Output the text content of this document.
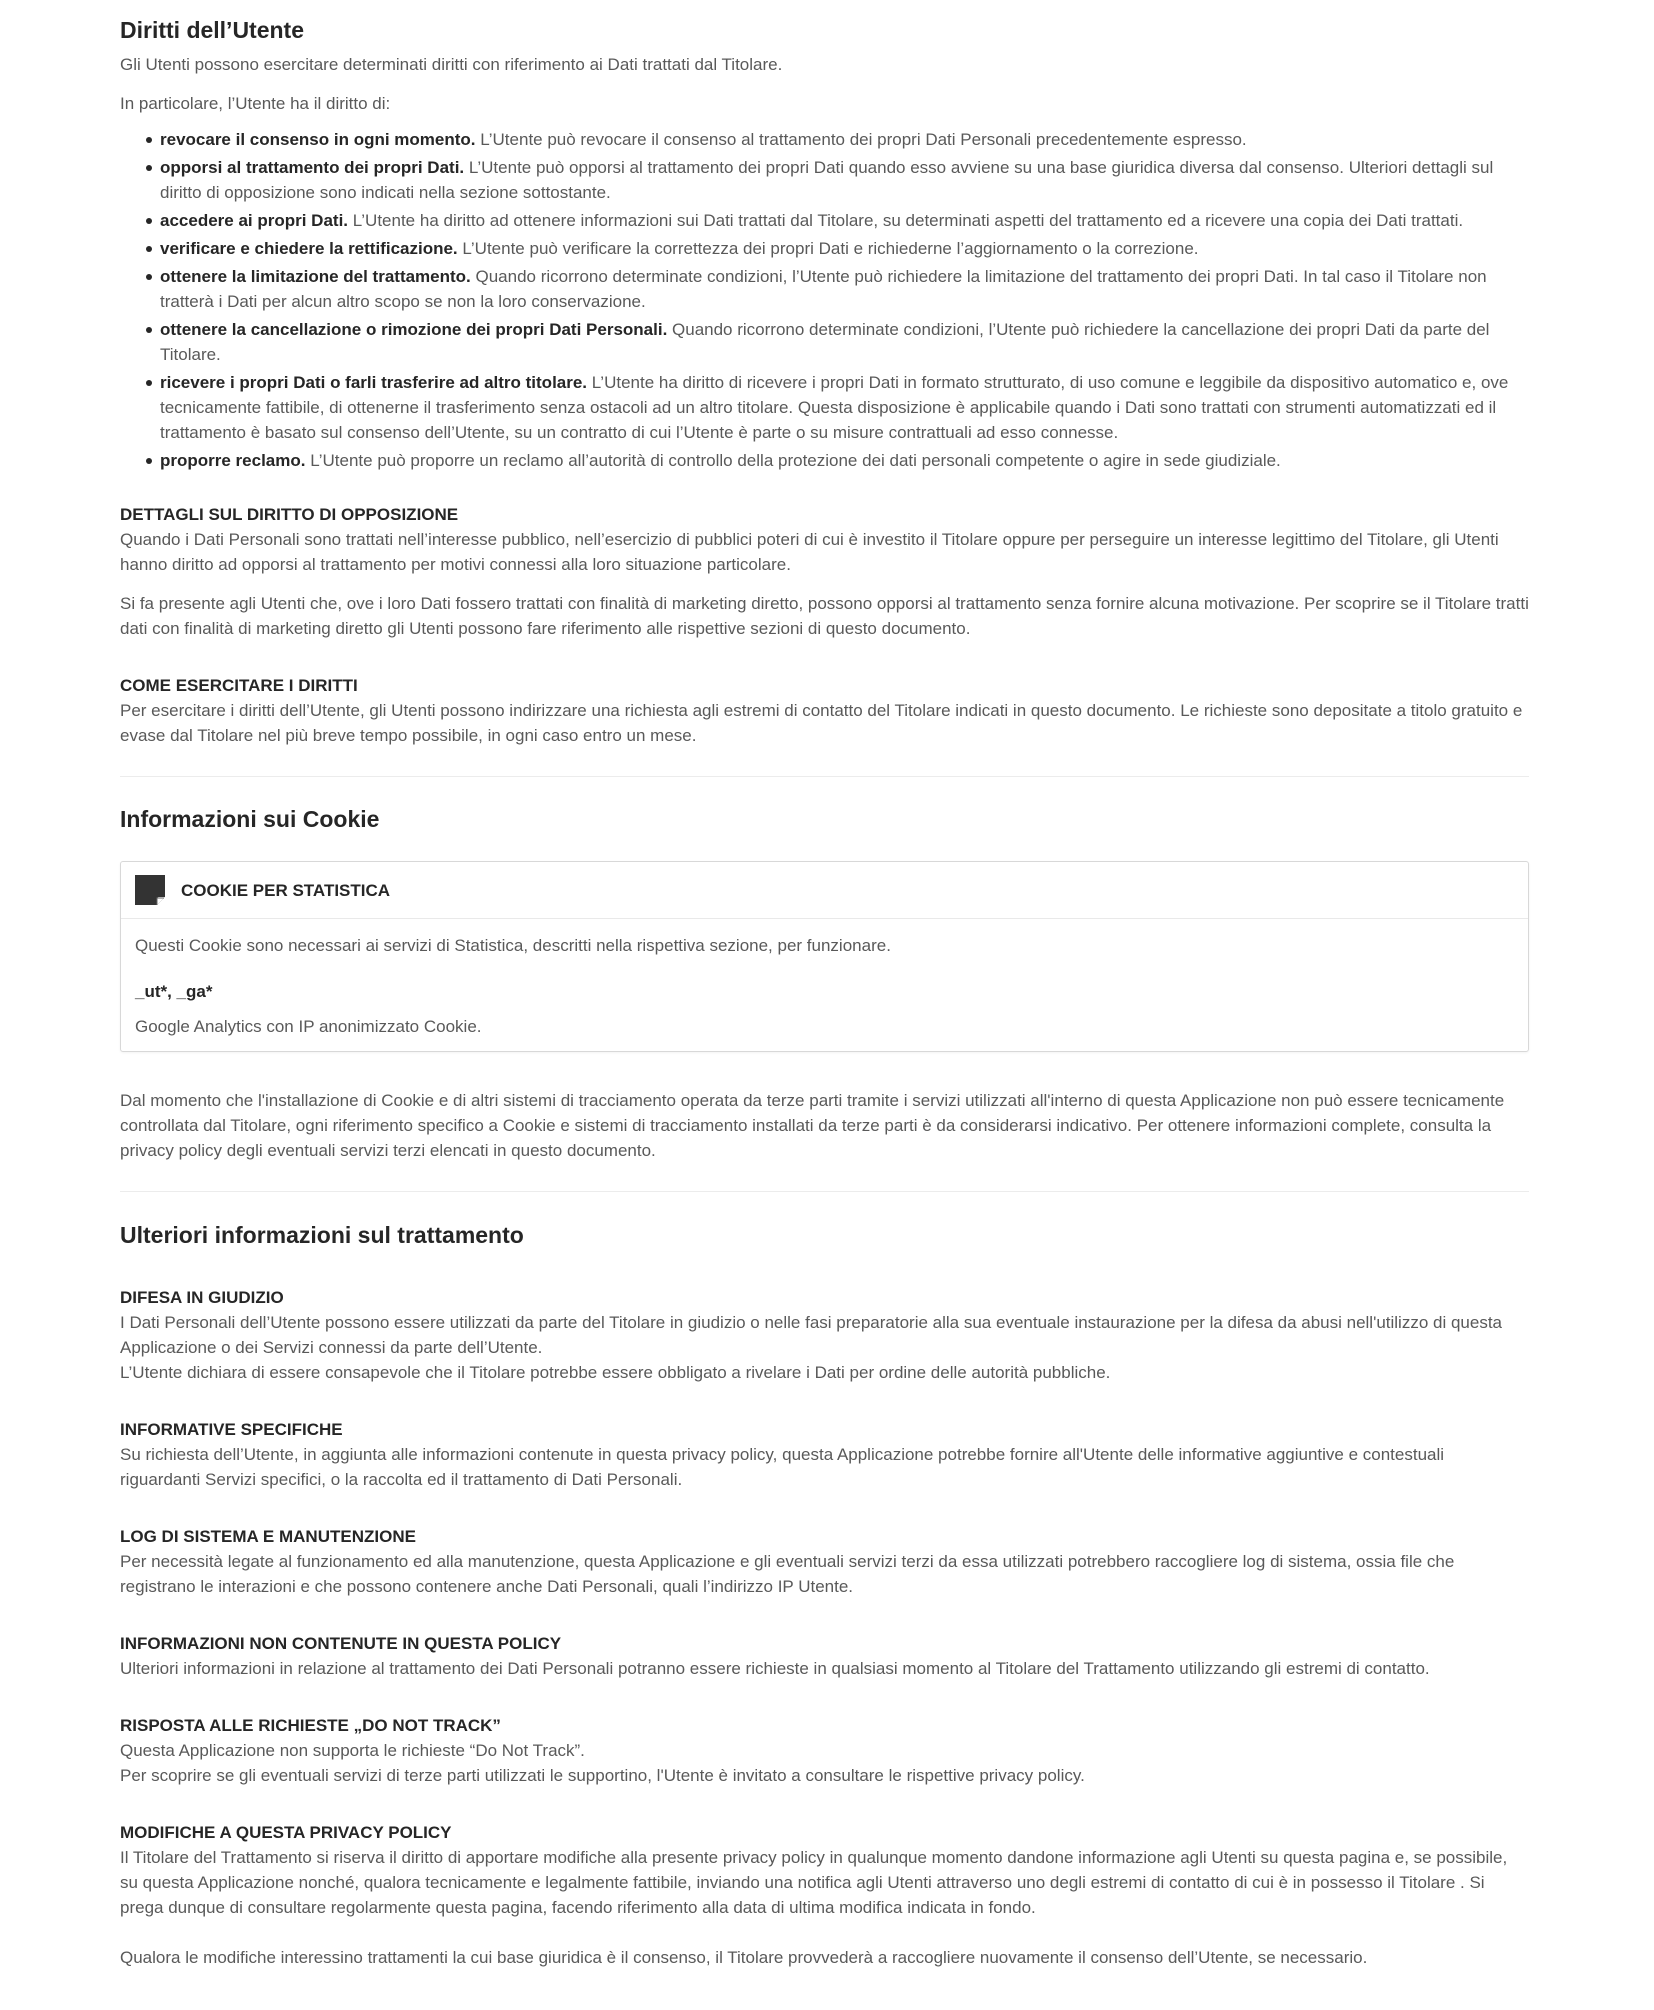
Diritti dell’Utente

Gli Utenti possono esercitare determinati diritti con riferimento ai Dati trattati dal Titolare.

In particolare, l’Utente ha il diritto di:

revocare il consenso in ogni momento. L’Utente può revocare il consenso al trattamento dei propri Dati Personali precedentemente espresso.
opporsi al trattamento dei propri Dati. L’Utente può opporsi al trattamento dei propri Dati quando esso avviene su una base giuridica diversa dal consenso. Ulteriori dettagli sul diritto di opposizione sono indicati nella sezione sottostante.
accedere ai propri Dati. L’Utente ha diritto ad ottenere informazioni sui Dati trattati dal Titolare, su determinati aspetti del trattamento ed a ricevere una copia dei Dati trattati.
verificare e chiedere la rettificazione. L’Utente può verificare la correttezza dei propri Dati e richiederne l’aggiornamento o la correzione.
ottenere la limitazione del trattamento. Quando ricorrono determinate condizioni, l’Utente può richiedere la limitazione del trattamento dei propri Dati. In tal caso il Titolare non tratterà i Dati per alcun altro scopo se non la loro conservazione.
ottenere la cancellazione o rimozione dei propri Dati Personali. Quando ricorrono determinate condizioni, l’Utente può richiedere la cancellazione dei propri Dati da parte del Titolare.
ricevere i propri Dati o farli trasferire ad altro titolare. L’Utente ha diritto di ricevere i propri Dati in formato strutturato, di uso comune e leggibile da dispositivo automatico e, ove tecnicamente fattibile, di ottenerne il trasferimento senza ostacoli ad un altro titolare. Questa disposizione è applicabile quando i Dati sono trattati con strumenti automatizzati ed il trattamento è basato sul consenso dell’Utente, su un contratto di cui l’Utente è parte o su misure contrattuali ad esso connesse.
proporre reclamo. L’Utente può proporre un reclamo all’autorità di controllo della protezione dei dati personali competente o agire in sede giudiziale.
DETTAGLI SUL DIRITTO DI OPPOSIZIONE

Quando i Dati Personali sono trattati nell’interesse pubblico, nell’esercizio di pubblici poteri di cui è investito il Titolare oppure per perseguire un interesse legittimo del Titolare, gli Utenti hanno diritto ad opporsi al trattamento per motivi connessi alla loro situazione particolare.

Si fa presente agli Utenti che, ove i loro Dati fossero trattati con finalità di marketing diretto, possono opporsi al trattamento senza fornire alcuna motivazione. Per scoprire se il Titolare tratti dati con finalità di marketing diretto gli Utenti possono fare riferimento alle rispettive sezioni di questo documento.

COME ESERCITARE I DIRITTI

Per esercitare i diritti dell’Utente, gli Utenti possono indirizzare una richiesta agli estremi di contatto del Titolare indicati in questo documento. Le richieste sono depositate a titolo gratuito e evase dal Titolare nel più breve tempo possibile, in ogni caso entro un mese.

Informazioni sui Cookie
COOKIE PER STATISTICA

Questi Cookie sono necessari ai servizi di Statistica, descritti nella rispettiva sezione, per funzionare.

_ut*, _ga*

Google Analytics con IP anonimizzato Cookie.

Dal momento che l'installazione di Cookie e di altri sistemi di tracciamento operata da terze parti tramite i servizi utilizzati all'interno di questa Applicazione non può essere tecnicamente controllata dal Titolare, ogni riferimento specifico a Cookie e sistemi di tracciamento installati da terze parti è da considerarsi indicativo. Per ottenere informazioni complete, consulta la privacy policy degli eventuali servizi terzi elencati in questo documento.

Ulteriori informazioni sul trattamento
DIFESA IN GIUDIZIO

I Dati Personali dell’Utente possono essere utilizzati da parte del Titolare in giudizio o nelle fasi preparatorie alla sua eventuale instaurazione per la difesa da abusi nell'utilizzo di questa Applicazione o dei Servizi connessi da parte dell’Utente.

L’Utente dichiara di essere consapevole che il Titolare potrebbe essere obbligato a rivelare i Dati per ordine delle autorità pubbliche.

INFORMATIVE SPECIFICHE

Su richiesta dell’Utente, in aggiunta alle informazioni contenute in questa privacy policy, questa Applicazione potrebbe fornire all'Utente delle informative aggiuntive e contestuali riguardanti Servizi specifici, o la raccolta ed il trattamento di Dati Personali.

LOG DI SISTEMA E MANUTENZIONE

Per necessità legate al funzionamento ed alla manutenzione, questa Applicazione e gli eventuali servizi terzi da essa utilizzati potrebbero raccogliere log di sistema, ossia file che registrano le interazioni e che possono contenere anche Dati Personali, quali l’indirizzo IP Utente.

INFORMAZIONI NON CONTENUTE IN QUESTA POLICY

Ulteriori informazioni in relazione al trattamento dei Dati Personali potranno essere richieste in qualsiasi momento al Titolare del Trattamento utilizzando gli estremi di contatto.

RISPOSTA ALLE RICHIESTE „DO NOT TRACK”

Questa Applicazione non supporta le richieste “Do Not Track”.

Per scoprire se gli eventuali servizi di terze parti utilizzati le supportino, l'Utente è invitato a consultare le rispettive privacy policy.

MODIFICHE A QUESTA PRIVACY POLICY

Il Titolare del Trattamento si riserva il diritto di apportare modifiche alla presente privacy policy in qualunque momento dandone informazione agli Utenti su questa pagina e, se possibile, su questa Applicazione nonché, qualora tecnicamente e legalmente fattibile, inviando una notifica agli Utenti attraverso uno degli estremi di contatto di cui è in possesso il Titolare . Si prega dunque di consultare regolarmente questa pagina, facendo riferimento alla data di ultima modifica indicata in fondo.

Qualora le modifiche interessino trattamenti la cui base giuridica è il consenso, il Titolare provvederà a raccogliere nuovamente il consenso dell’Utente, se necessario.
